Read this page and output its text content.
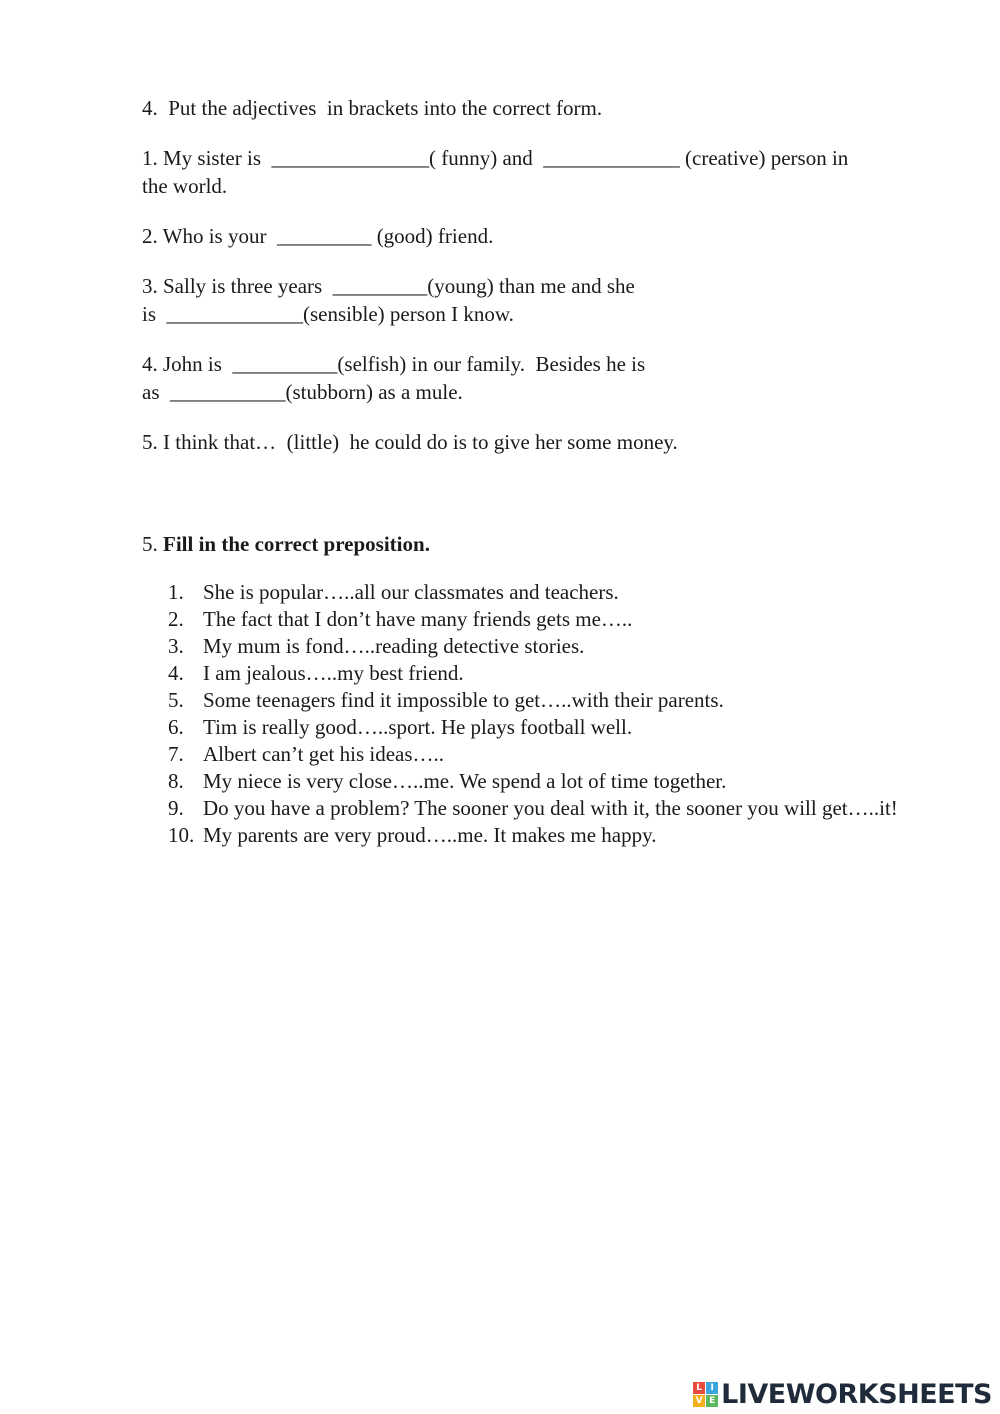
4.  Put the adjectives  in brackets into the correct form.
1. My sister is  _______________( funny) and  _____________ (creative) person in
the world.
2. Who is your  _________ (good) friend.
3. Sally is three years  _________(young) than me and she
is  _____________(sensible) person I know.
4. John is  __________(selfish) in our family.  Besides he is
as  ___________(stubborn) as a mule.
5. I think that…  (little)  he could do is to give her some money.
5. Fill in the correct preposition.
1. She is popular…..all our classmates and teachers.
2. The fact that I don’t have many friends gets me…..
3. My mum is fond…..reading detective stories.
4. I am jealous…..my best friend.
5. Some teenagers find it impossible to get…..with their parents.
6. Tim is really good…..sport. He plays football well.
7. Albert can’t get his ideas…..
8. My niece is very close…..me. We spend a lot of time together.
9. Do you have a problem? The sooner you deal with it, the sooner you will get…..it!
10. My parents are very proud…..me. It makes me happy.
L I
V E LIVEWORKSHEETS
